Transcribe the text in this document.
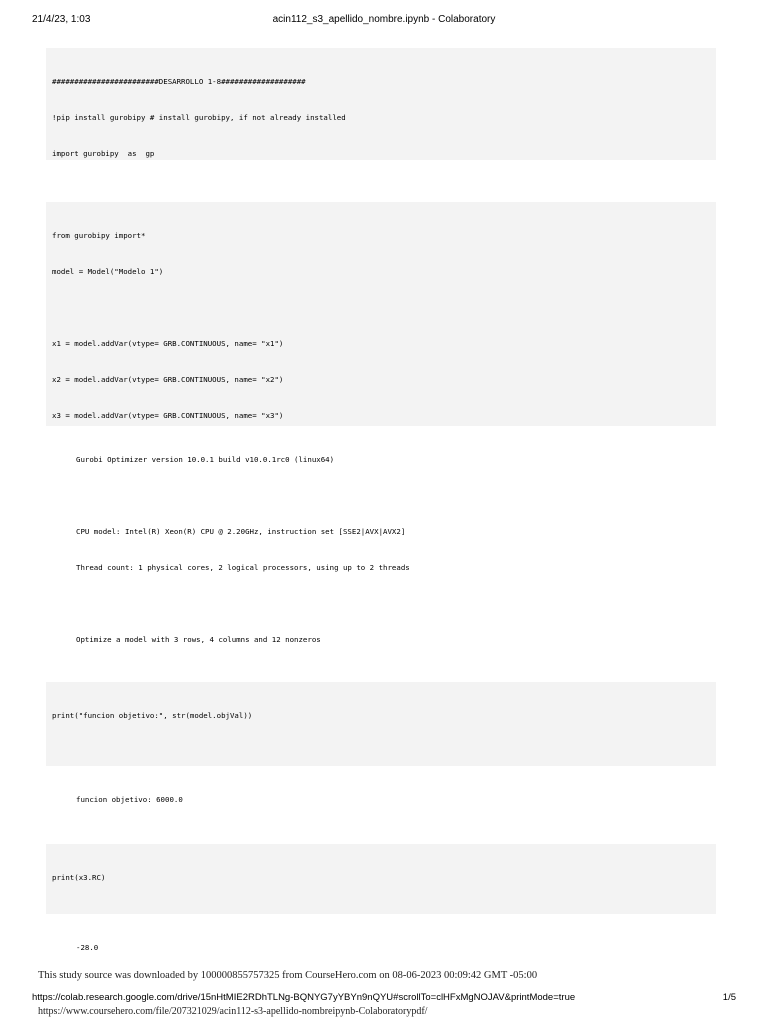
21/4/23, 1:03	acin112_s3_apellido_nombre.ipynb - Colaboratory

########################DESARROLLO 1-8###################

!pip install gurobipy # install gurobipy, if not already installed

import gurobipy  as  gp

from gurobipy import*

model = Model("Modelo 1")

x1 = model.addVar(vtype= GRB.CONTINUOUS, name= "x1")

x2 = model.addVar(vtype= GRB.CONTINUOUS, name= "x2")

x3 = model.addVar(vtype= GRB.CONTINUOUS, name= "x3")

Gurobi Optimizer version 10.0.1 build v10.0.1rc0 (linux64)

CPU model: Intel(R) Xeon(R) CPU @ 2.20GHz, instruction set [SSE2|AVX|AVX2]

Thread count: 1 physical cores, 2 logical processors, using up to 2 threads

Optimize a model with 3 rows, 4 columns and 12 nonzeros

print("funcion objetivo:", str(model.objVal))

funcion objetivo: 6000.0

print(x3.RC)

-28.0

This study source was downloaded by 100000855757325 from CourseHero.com on 08-06-2023 00:09:42 GMT -05:00
https://colab.research.google.com/drive/15nHtMIE2RDhTLNg-BQNYG7yYBYn9nQYU#scrollTo=clHFxMgNOJAV&printMode=true	1/5
https://www.coursehero.com/file/207321029/acin112-s3-apellido-nombreipynb-Colaboratorypdf/
